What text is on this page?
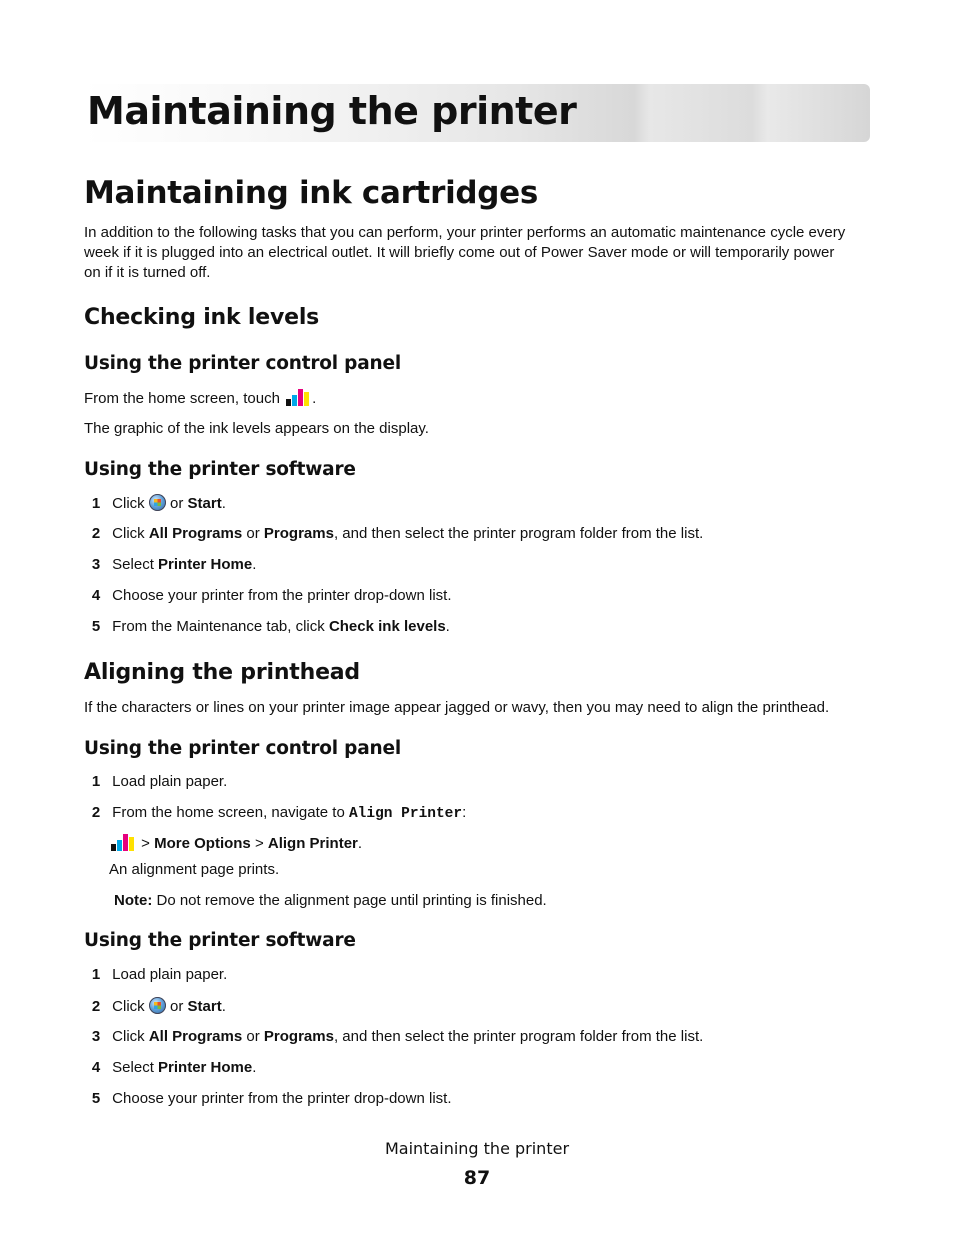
Maintaining the printer
Maintaining ink cartridges
In addition to the following tasks that you can perform, your printer performs an automatic maintenance cycle every
week if it is plugged into an electrical outlet. It will briefly come out of Power Saver mode or will temporarily power
on if it is turned off.
Checking ink levels
Using the printer control panel
From the home screen, touch .
The graphic of the ink levels appears on the display.
Using the printer software
1 Click or Start.
2 Click All Programs or Programs, and then select the printer program folder from the list.
3 Select Printer Home.
4 Choose your printer from the printer drop-down list.
5 From the Maintenance tab, click Check ink levels.
Aligning the printhead
If the characters or lines on your printer image appear jagged or wavy, then you may need to align the printhead.
Using the printer control panel
1 Load plain paper.
2 From the home screen, navigate to Align Printer:
> More Options > Align Printer.
An alignment page prints.
Note: Do not remove the alignment page until printing is finished.
Using the printer software
1 Load plain paper.
2 Click or Start.
3 Click All Programs or Programs, and then select the printer program folder from the list.
4 Select Printer Home.
5 Choose your printer from the printer drop-down list.
Maintaining the printer
87
